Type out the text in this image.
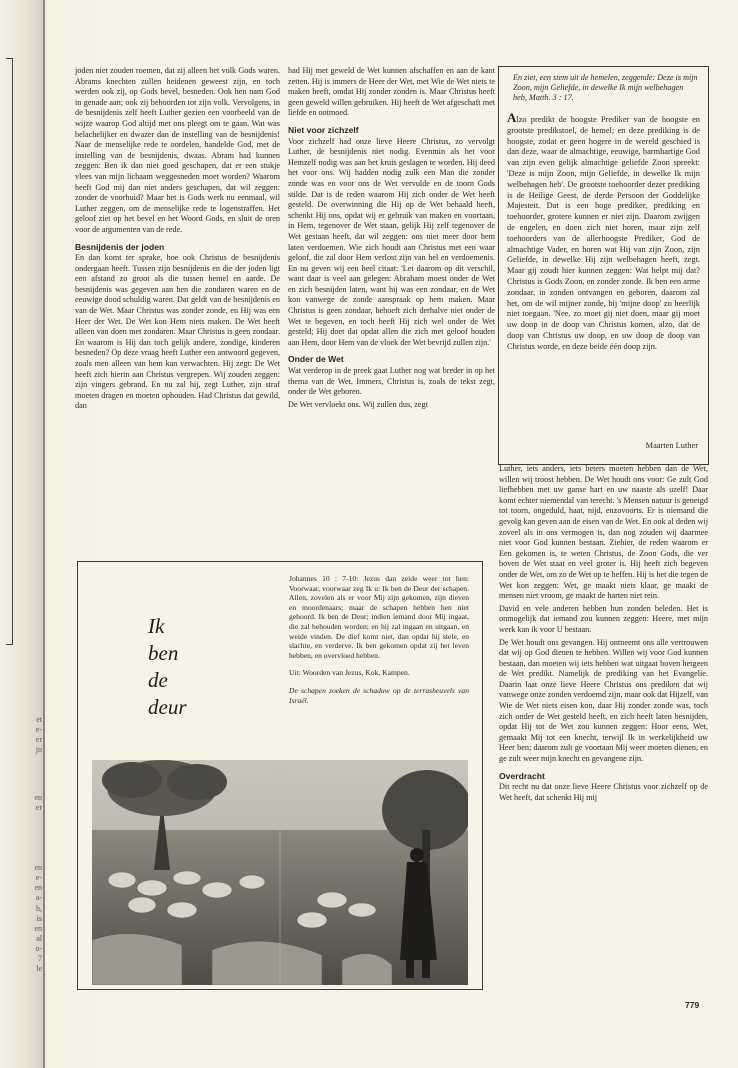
et
e-
er
jn
en
er
en
e-
en
a-
h,
is
en
al
o-
7
le

joden niet zouden roemen, dat zij alleen het volk Gods waren. Abrams knechten zullen heidenen geweest zijn, en toch werden ook zij, op Gods bevel, besneden. Ook hen nam God in genade aan; ook zij behoorden tot zijn volk. Vervolgens, in de besnijdenis zelf heeft Luther gezien een voorbeeld van de wijze waarop God altijd met ons pleegt om te gaan. Wat was belachelijker en dwazer dan de instelling van de besnijdenis! Naar de menselijke rede te oordelen, handelde God, met de instelling van de besnijdenis, dwaas. Abram had kunnen zeggen: Ben ik dan niet goed geschapen, dat er een stukje vlees van mijn lichaam weggesneden moet worden? Waarom heeft God mij dan niet anders geschapen, dat wil zeggen: zonder de voorhuid? Maar het is Gods werk nu eenmaal, wil Luther zeggen, om de menselijke rede te logenstraffen. Het geloof ziet op het bevel en het Woord Gods, en sluit de oren voor de argumenten van de rede.

Besnijdenis der joden

En dan komt ter sprake, hoe ook Christus de besnijdenis ondergaan heeft. Tussen zijn besnijdenis en die der joden ligt een afstand zo groot als die tussen hemel en aarde. De besnijdenis was gegeven aan hen die zondaren waren en de eeuwige dood schuldig waren. Dat geldt van de besnijdenis en van de Wet. Maar Christus was zonder zonde, en Hij was een Heer der Wet. De Wet kon Hem niets maken. De Wet heeft alleen van doen met zondaren. Maar Christus is geen zondaar. En waarom is Hij dan toch gelijk andere, zondige, kinderen besneden? Op deze vraag heeft Luther een antwoord gegeven, zoals men alleen van hem kan verwachten. Hij zegt: De Wet heeft zich hierin aan Christus vergrepen. Wij zouden zeggen: zijn vingers gebrand. En nu zal hij, zegt Luther, zijn straf moeten dragen en moeten ophouden. Had Christus dat gewild, dan

had Hij met geweld de Wet kunnen afschaffen en aan de kant zetten. Hij is immers de Heer der Wet, met Wie de Wet niets te maken heeft, omdat Hij zonder zonden is. Maar Christus heeft geen geweld willen gebruiken. Hij heeft de Wet afgeschaft met liefde en ootmoed.

Niet voor zichzelf

Voor zichzelf had onze lieve Heere Christus, zo vervolgt Luther, de besnijdenis niet nodig. Evenmin als het voor Hemzelf nodig was aan het kruis geslagen te worden. Hij deed het voor ons. Wij hadden nodig zulk een Man die zonder zonde was en voor ons de Wet vervulde en de toorn Gods stilde. Dat is de reden waarom Hij zich onder de Wet heeft gesteld. De overwinning die Hij op de Wet behaald heeft, schenkt Hij ons, opdat wij er gebruik van maken en voortaan, in Hem, tegenover de Wet staan, gelijk Hij zelf tegenover de Wet gestaan heeft, dat wil zeggen: ons niet meer door hem laten verdoemen. Wie zich houdt aan Christus met een waar geloof, die zal door Hem verlost zijn van hel en verdoemenis. En nu geven wij een heel citaat: 'Let daarom op dit verschil, want daar is veel aan gelegen: Abraham moest onder de Wet en zich besnijden laten, want hij was een zondaar, en de Wet kon vanwege de zonde aanspraak op hem maken. Maar Christus is geen zondaar, behoeft zich derhalve niet onder de Wet te begeven, en toch heeft Hij zich wel onder de Wet gesteld; Hij doet dat opdat allen die zich met geloof houden aan Hem, door Hem van de vloek der Wet bevrijd zullen zijn.'

Onder de Wet

Wat verderop in de preek gaat Luther nog wat breder in op het thema van de Wet. Immers, Christus is, zoals de tekst zegt, onder de Wet geboren.

De Wet vervloekt ons. Wij zullen dus, zegt

En ziet, een stem uit de hemelen, zeggende: Deze is mijn Zoon, mijn Geliefde, in dewelke Ik mijn welbehagen heb, Matth. 3 : 17.
Alzo predikt de hoogste Prediker van de hoogste en grootste predikstoel, de hemel; en deze prediking is de hoogste, zodat er geen hogere in de wereld geschied is dan deze, waar de almachtige, eeuwige, barmhartige God van zijn even gelijk almachtige geliefde Zoon spreekt: 'Deze is mijn Zoon, mijn Geliefde, in dewelke Ik mijn welbehagen heb'. De grootste toehoorder dezer prediking is de Heilige Geest, de derde Persoon der Goddelijke Majesteit. Dat is een hoge prediker, prediking en toehoorder, grotere kunnen er niet zijn. Daarom zwijgen de engelen, en doen zich niet horen, maar zijn zelf toehoorders van de allerhoogste Prediker, God de almachtige Vader, en horen wat Hij van zijn Zoon, zijn Geliefde, in dewelke Hij zijn welbehagen heeft, zegt. Maar gij zoudt hier kunnen zeggen: Wat helpt mij dat? Christus is Gods Zoon, en zonder zonde. Ik ben een arme zondaar, in zonden ontvangen en geboren, daarom zal het, om de wil mijner zonde, bij 'mijne doop' zo heerlijk niet toegaan. 'Nee, zo moet gij niet doen, maar gij moet uw doop in de doop van Christus komen, alzo, dat de doop van Christus uw doop, en uw doop de doop van Christus worde, en deze beide één doop zijn.
Maarten Luther

Luther, iets anders, iets beters moeten hebben dan de Wet, willen wij troost hebben. De Wet houdt ons voor: Ge zult God liefhebben met uw ganse hart en uw naaste als uzelf! Daar komt echter niemendal van terecht. 's Mensen natuur is geneigd tot toorn, ongeduld, haat, nijd, enzovoorts. Er is niemand die gevolg kan geven aan de eisen van de Wet. En ook al deden wij zoveel als in ons vermogen is, dan nog zouden wij daarmee niet voor God kunnen bestaan. Ziehier, de reden waarom er Een gekomen is, te weten Christus, de Zoon Gods, die ver boven de Wet staat en veel groter is. Hij heeft zich begeven onder de Wet, om zo de Wet op te heffen. Hij is het die tegen de Wet kon zeggen: Wet, ge maakt niets klaar, ge maakt de mensen niet vroom, ge maakt de harten niet rein.

David en vele anderen hebben hun zonden beleden. Het is onmogelijk dat iemand zou kunnen zeggen: Heere, met mijn werk kan ik voor U bestaan.

De Wet houdt ons gevangen. Hij ontneemt ons alle vertrouwen dat wij op God dienen te hebben. Willen wij voor God kunnen bestaan, dan moeten wij iets hebben wat uitgaat boven hetgeen de Wet predikt. Namelijk de prediking van het Evangelie. Daarin laat onze lieve Heere Christus ons prediken dat wij vanwege onze zonden verdoemd zijn, maar ook dat Hijzelf, van Wie de Wet niets eisen kon, daar Hij zonder zonde was, toch zich onder de Wet gesteld heeft, en zich heeft laten besnijden, opdat Hij tot de Wet zou kunnen zeggen: Hoor eens, Wet, gemaakt Mij tot een knecht, terwijl Ik in werkelijkheid uw Heer ben; daarom zult ge voortaan Mij weer moeten dienen, en ge zult weer mijn knecht en gevangene zijn.

Overdracht

Dit recht nu dat onze lieve Heere Christus voor zichzelf op de Wet heeft, dat schenkt Hij mij

Ik
ben
de
deur

Johannes 10 : 7-10: Jezus dan zeide weer tot hen: Voorwaar, voorwaar zeg Ik u: Ik ben de Deur der schapen. Allen, zovelen als er voor Mij zijn gekomen, zijn dieven en moordenaars; maar de schapen hebben hen niet gehoord. Ik ben de Deur; indien iemand door Mij ingaat, die zal behouden worden; en hij zal ingaan en uitgaan, en weide vinden. De dief komt niet, dan opdat hij stele, en slachte, en verderve. Ik ben gekomen opdat zij het leven hebben, en overvloed hebben.

Uit: Woorden van Jezus, Kok, Kampen.

De schapen zoeken de schaduw op de terrasheuvels van Israël.

779
